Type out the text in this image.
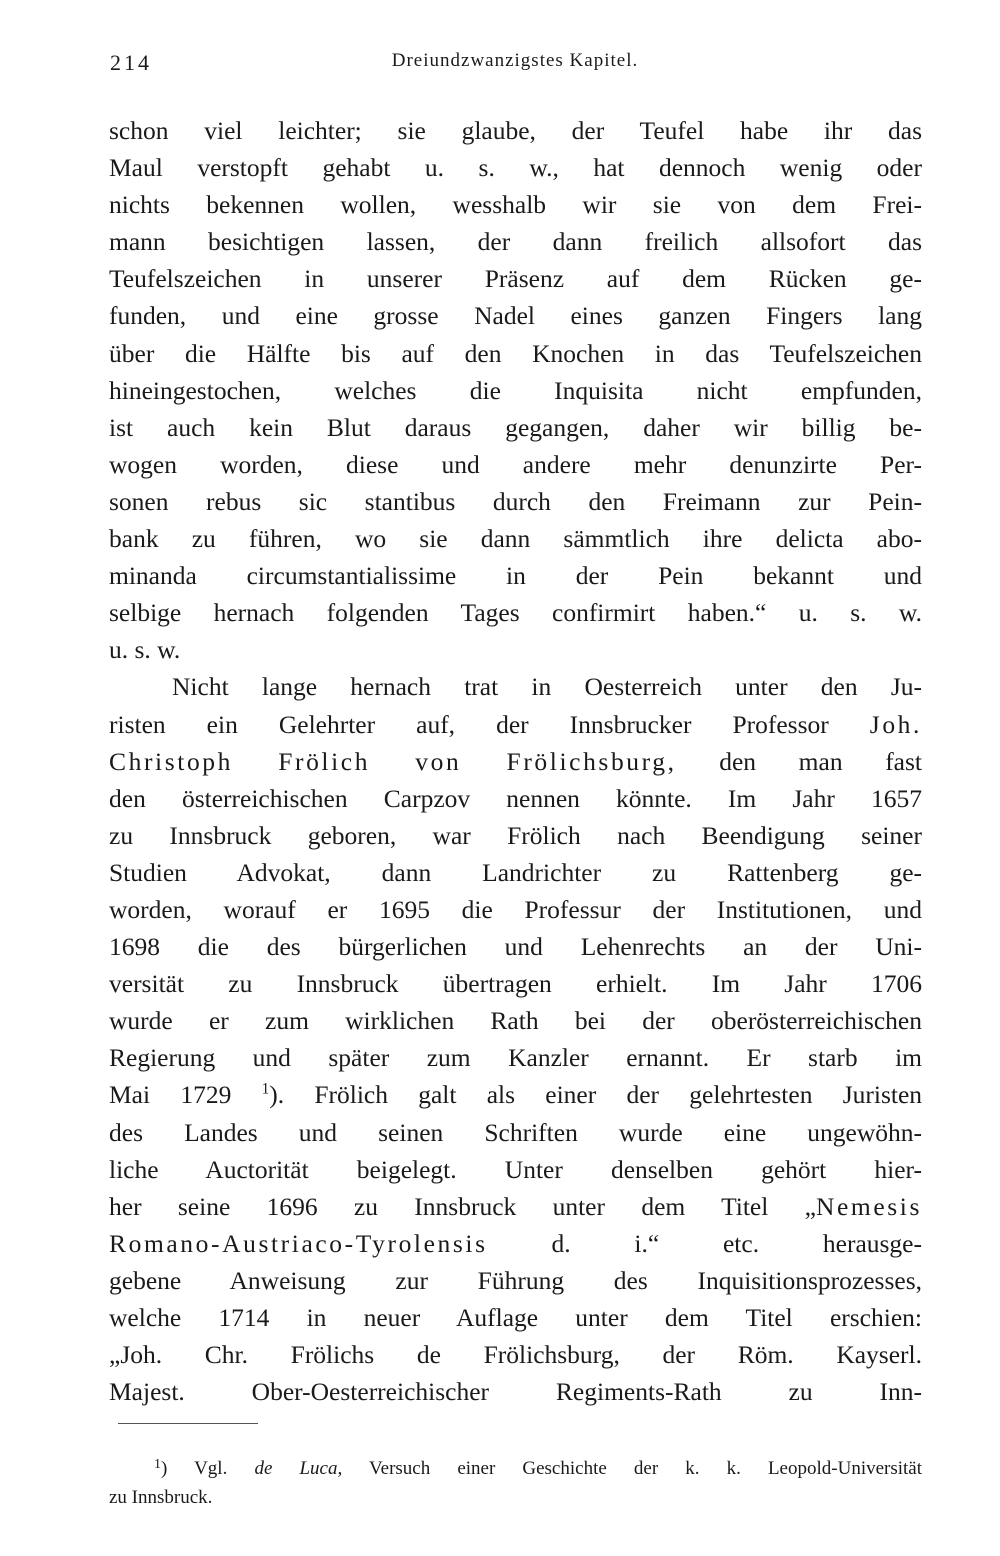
214	Dreiundzwanzigstes Kapitel.
schon viel leichter; sie glaube, der Teufel habe ihr das
Maul verstopft gehabt u. s. w., hat dennoch wenig oder
nichts bekennen wollen, wesshalb wir sie von dem Frei-
mann besichtigen lassen, der dann freilich allsofort das
Teufelszeichen in unserer Präsenz auf dem Rücken ge-
funden, und eine grosse Nadel eines ganzen Fingers lang
über die Hälfte bis auf den Knochen in das Teufelszeichen
hineingestochen, welches die Inquisita nicht empfunden,
ist auch kein Blut daraus gegangen, daher wir billig be-
wogen worden, diese und andere mehr denunzirte Per-
sonen rebus sic stantibus durch den Freimann zur Pein-
bank zu führen, wo sie dann sämmtlich ihre delicta abo-
minanda circumstantialissime in der Pein bekannt und
selbige hernach folgenden Tages confirmirt haben.“ u. s. w.
u. s. w.
Nicht lange hernach trat in Oesterreich unter den Ju-
risten ein Gelehrter auf, der Innsbrucker Professor Joh.
Christoph Frölich von Frölichsburg, den man fast
den österreichischen Carpzov nennen könnte. Im Jahr 1657
zu Innsbruck geboren, war Frölich nach Beendigung seiner
Studien Advokat, dann Landrichter zu Rattenberg ge-
worden, worauf er 1695 die Professur der Institutionen, und
1698 die des bürgerlichen und Lehenrechts an der Uni-
versität zu Innsbruck übertragen erhielt. Im Jahr 1706
wurde er zum wirklichen Rath bei der oberösterreichischen
Regierung und später zum Kanzler ernannt. Er starb im
Mai 1729 $^1$). Frölich galt als einer der gelehrtesten Juristen
des Landes und seinen Schriften wurde eine ungewöhn-
liche Auctorität beigelegt. Unter denselben gehört hier-
her seine 1696 zu Innsbruck unter dem Titel „Nemesis
Romano-Austriaco-Tyrolensis	d. i.“ etc. herausge-
gebene Anweisung zur Führung des Inquisitionsprozesses,
welche 1714 in neuer Auflage unter dem Titel erschien:
„Joh. Chr. Frölichs de Frölichsburg, der Röm. Kayserl.
Majest. Ober-Oesterreichischer Regiments-Rath zu Inn-
$^1$) Vgl. de Luca, Versuch einer Geschichte der k. k. Leopold-Universität
zu Innsbruck.
